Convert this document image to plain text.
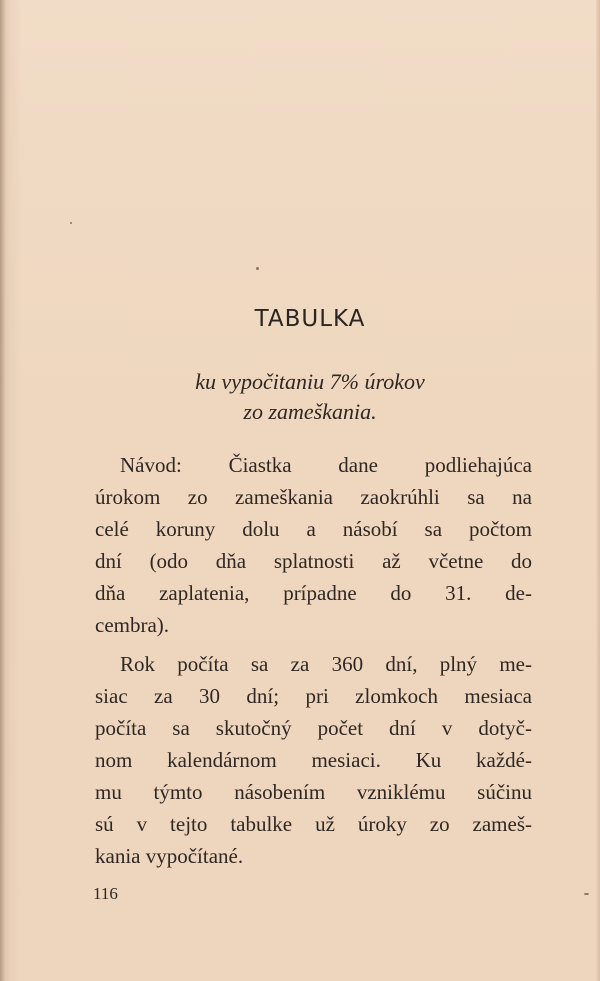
TABULKA
ku vypočitaniu 7% úrokov
zo zameškania.
Návod: Čiastka dane podliehajúca
úrokom zo zameškania zaokrúhli sa na
celé koruny dolu a násobí sa počtom
dní (odo dňa splatnosti až včetne do
dňa zaplatenia, prípadne do 31. de-
cembra).
Rok počíta sa za 360 dní, plný me-
siac za 30 dní; pri zlomkoch mesiaca
počíta sa skutočný počet dní v dotyč-
nom kalendárnom mesiaci. Ku každé-
mu týmto násobením vzniklému súčinu
sú v tejto tabulke už úroky zo zameš-
kania vypočítané.
116
